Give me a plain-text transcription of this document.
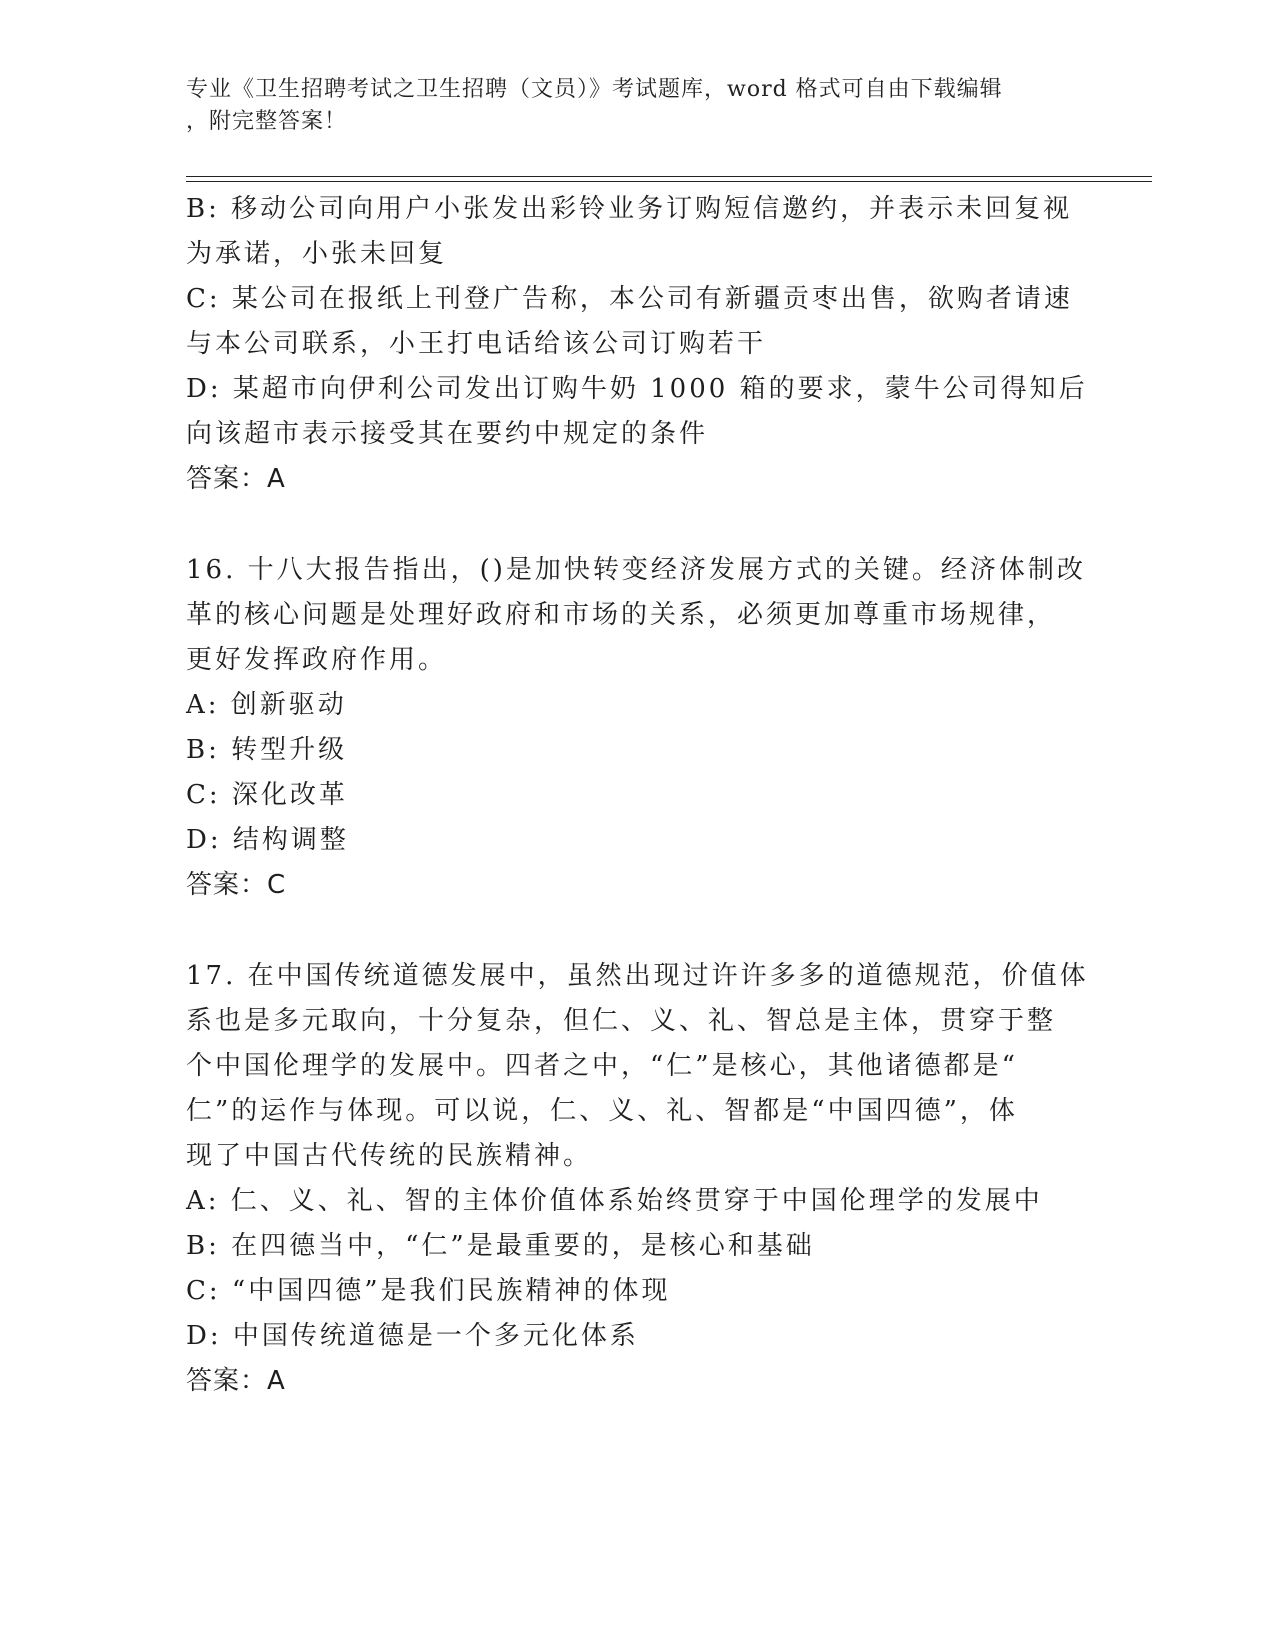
专业《卫生招聘考试之卫生招聘（文员）》考试题库，word 格式可自由下载编辑
，附完整答案！
B: 移动公司向用户小张发出彩铃业务订购短信邀约，并表示未回复视
为承诺，小张未回复
C: 某公司在报纸上刊登广告称，本公司有新疆贡枣出售，欲购者请速
与本公司联系，小王打电话给该公司订购若干
D: 某超市向伊利公司发出订购牛奶 1000 箱的要求，蒙牛公司得知后
向该超市表示接受其在要约中规定的条件
答案：A
16. 十八大报告指出，()是加快转变经济发展方式的关键。经济体制改
革的核心问题是处理好政府和市场的关系，必须更加尊重市场规律，
更好发挥政府作用。
A: 创新驱动
B: 转型升级
C: 深化改革
D: 结构调整
答案：C
17. 在中国传统道德发展中，虽然出现过许许多多的道德规范，价值体
系也是多元取向，十分复杂，但仁、义、礼、智总是主体，贯穿于整
个中国伦理学的发展中。四者之中，“仁”是核心，其他诸德都是“
仁”的运作与体现。可以说，仁、义、礼、智都是“中国四德”，体
现了中国古代传统的民族精神。
A: 仁、义、礼、智的主体价值体系始终贯穿于中国伦理学的发展中
B: 在四德当中，“仁”是最重要的，是核心和基础
C: “中国四德”是我们民族精神的体现
D: 中国传统道德是一个多元化体系
答案：A
